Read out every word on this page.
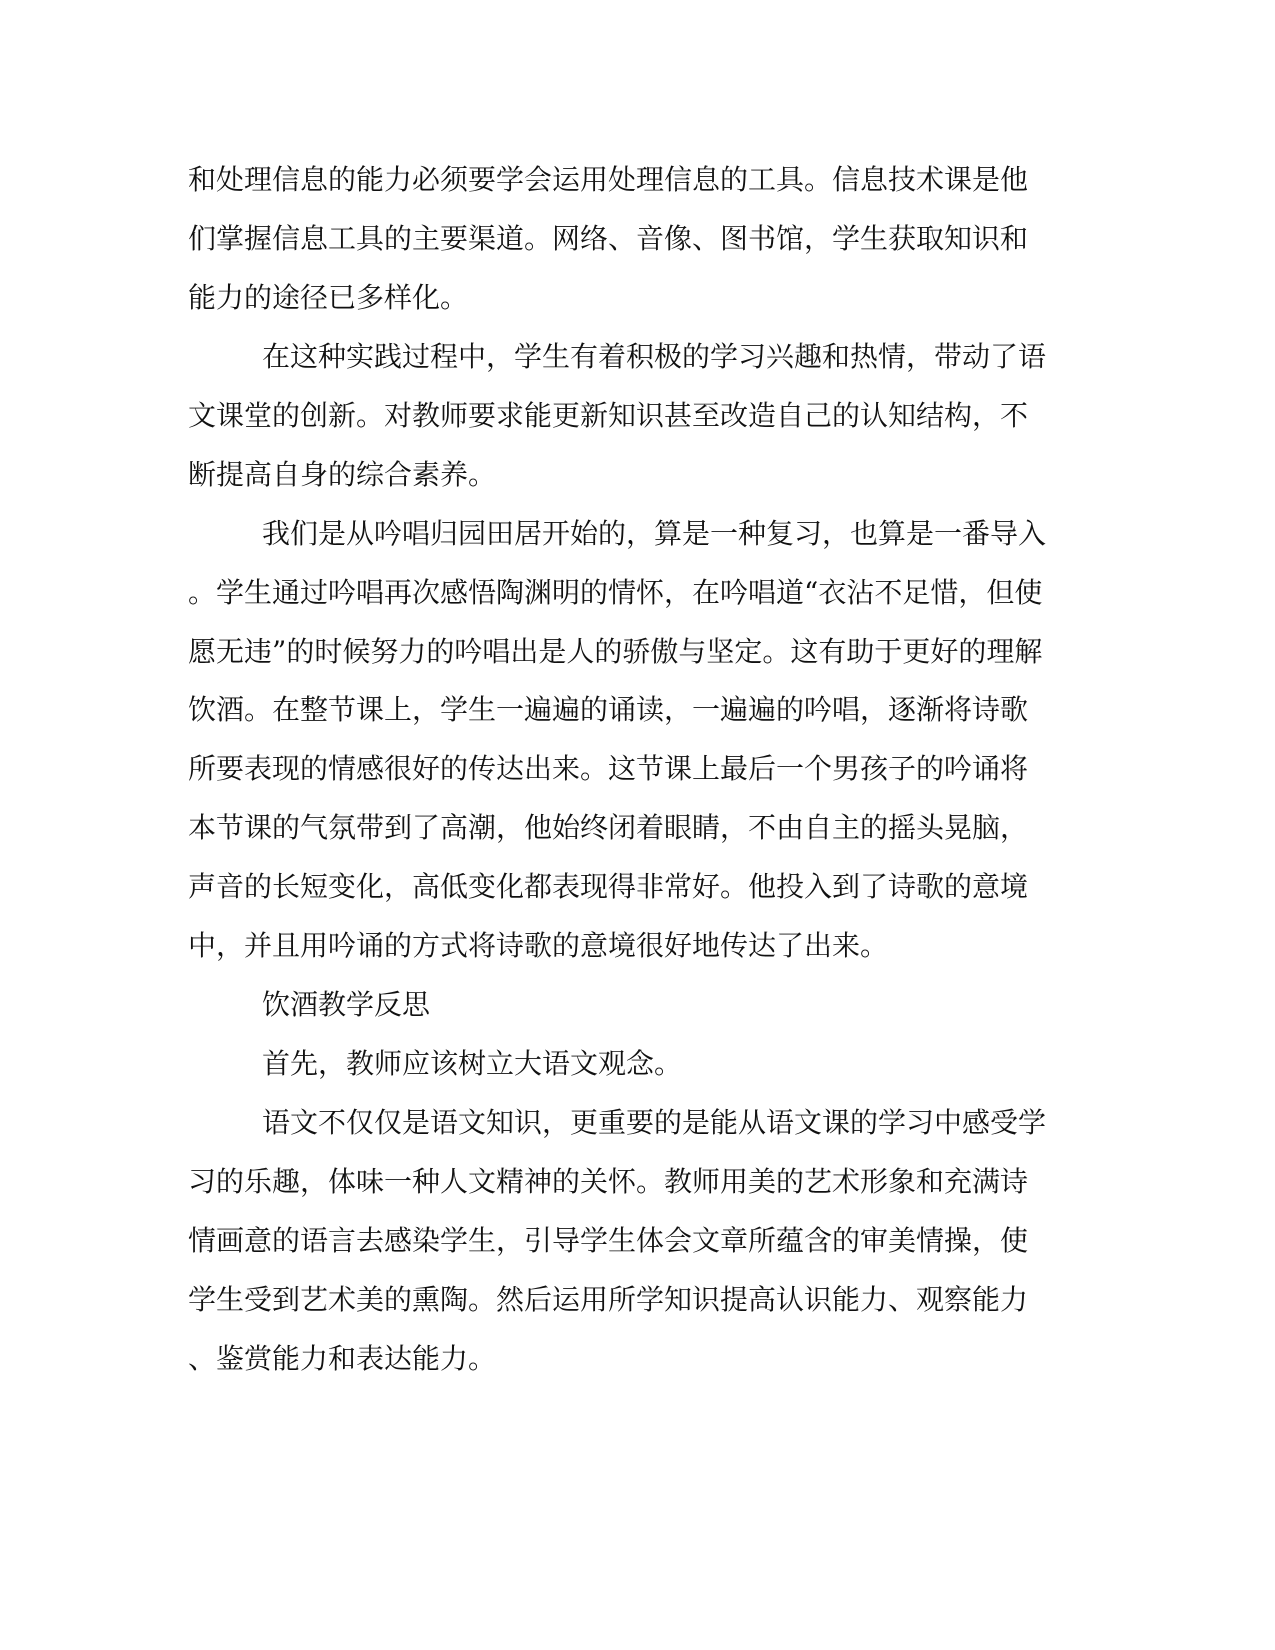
和处理信息的能力必须要学会运用处理信息的工具。信息技术课是他

们掌握信息工具的主要渠道。网络、音像、图书馆，学生获取知识和

能力的途径已多样化。

在这种实践过程中，学生有着积极的学习兴趣和热情，带动了语

文课堂的创新。对教师要求能更新知识甚至改造自己的认知结构，不

断提高自身的综合素养。

我们是从吟唱归园田居开始的，算是一种复习，也算是一番导入

。学生通过吟唱再次感悟陶渊明的情怀，在吟唱道“衣沾不足惜，但使

愿无违”的时候努力的吟唱出是人的骄傲与坚定。这有助于更好的理解

饮酒。在整节课上，学生一遍遍的诵读，一遍遍的吟唱，逐渐将诗歌

所要表现的情感很好的传达出来。这节课上最后一个男孩子的吟诵将

本节课的气氛带到了高潮，他始终闭着眼睛，不由自主的摇头晃脑，

声音的长短变化，高低变化都表现得非常好。他投入到了诗歌的意境

中，并且用吟诵的方式将诗歌的意境很好地传达了出来。

饮酒教学反思

首先，教师应该树立大语文观念。

语文不仅仅是语文知识，更重要的是能从语文课的学习中感受学

习的乐趣，体味一种人文精神的关怀。教师用美的艺术形象和充满诗

情画意的语言去感染学生，引导学生体会文章所蕴含的审美情操，使

学生受到艺术美的熏陶。然后运用所学知识提高认识能力、观察能力

、鉴赏能力和表达能力。
